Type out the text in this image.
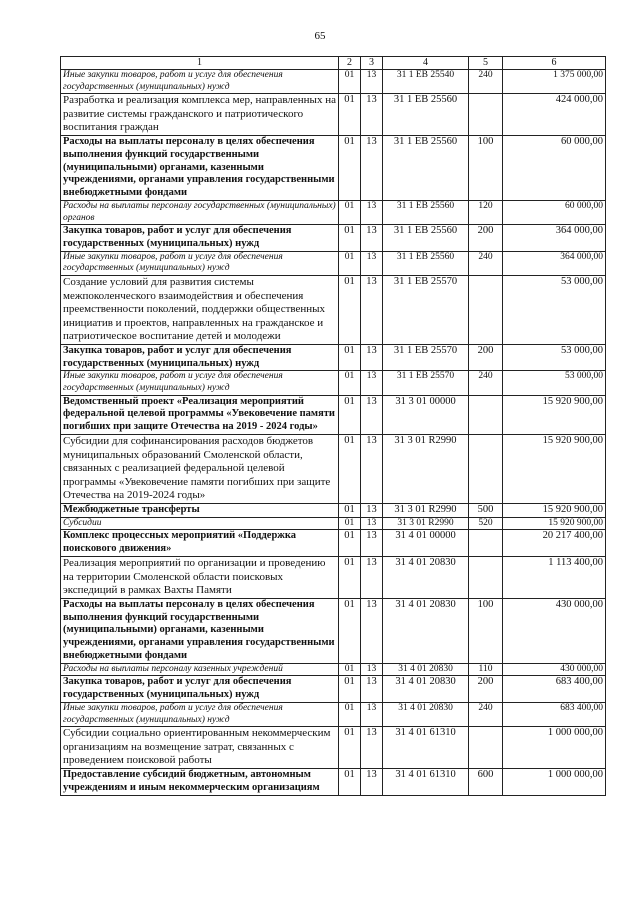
65
1	2	3	4	5	6
Иные закупки товаров, работ и услуг для обеспечения государственных (муниципальных) нужд	01	13	31 1 ЕВ 25540	240	1 375 000,00
Разработка и реализация комплекса мер, направленных на развитие системы гражданского и патриотического воспитания граждан	01	13	31 1 ЕВ 25560		424 000,00
Расходы на выплаты персоналу в целях обеспечения выполнения функций государственными (муниципальными) органами, казенными учреждениями, органами управления государственными внебюджетными фондами	01	13	31 1 ЕВ 25560	100	60 000,00
Расходы на выплаты персоналу государственных (муниципальных) органов	01	13	31 1 ЕВ 25560	120	60 000,00
Закупка товаров, работ и услуг для обеспечения государственных (муниципальных) нужд	01	13	31 1 ЕВ 25560	200	364 000,00
Иные закупки товаров, работ и услуг для обеспечения государственных (муниципальных) нужд	01	13	31 1 ЕВ 25560	240	364 000,00
Создание условий для развития системы межпоколенческого взаимодействия и обеспечения преемственности поколений, поддержки общественных инициатив и проектов, направленных на гражданское и патриотическое воспитание детей и молодежи	01	13	31 1 ЕВ 25570		53 000,00
Закупка товаров, работ и услуг для обеспечения государственных (муниципальных) нужд	01	13	31 1 ЕВ 25570	200	53 000,00
Иные закупки товаров, работ и услуг для обеспечения государственных (муниципальных) нужд	01	13	31 1 ЕВ 25570	240	53 000,00
Ведомственный проект «Реализация мероприятий федеральной целевой программы «Увековечение памяти погибших при защите Отечества на 2019 - 2024 годы»	01	13	31 3 01 00000		15 920 900,00
Субсидии для софинансирования расходов бюджетов муниципальных образований Смоленской области, связанных с реализацией федеральной целевой программы «Увековечение памяти погибших при защите Отечества на 2019-2024 годы»	01	13	31 3 01 R2990		15 920 900,00
Межбюджетные трансферты	01	13	31 3 01 R2990	500	15 920 900,00
Субсидии	01	13	31 3 01 R2990	520	15 920 900,00
Комплекс процессных мероприятий «Поддержка поискового движения»	01	13	31 4 01 00000		20 217 400,00
Реализация мероприятий по организации и проведению на территории Смоленской области поисковых экспедиций в рамках Вахты Памяти	01	13	31 4 01 20830		1 113 400,00
Расходы на выплаты персоналу в целях обеспечения выполнения функций государственными (муниципальными) органами, казенными учреждениями, органами управления государственными внебюджетными фондами	01	13	31 4 01 20830	100	430 000,00
Расходы на выплаты персоналу казенных учреждений	01	13	31 4 01 20830	110	430 000,00
Закупка товаров, работ и услуг для обеспечения государственных (муниципальных) нужд	01	13	31 4 01 20830	200	683 400,00
Иные закупки товаров, работ и услуг для обеспечения государственных (муниципальных) нужд	01	13	31 4 01 20830	240	683 400,00
Субсидии социально ориентированным некоммерческим организациям на возмещение затрат, связанных с проведением поисковой работы	01	13	31 4 01 61310		1 000 000,00
Предоставление субсидий бюджетным, автономным учреждениям и иным некоммерческим организациям	01	13	31 4 01 61310	600	1 000 000,00
